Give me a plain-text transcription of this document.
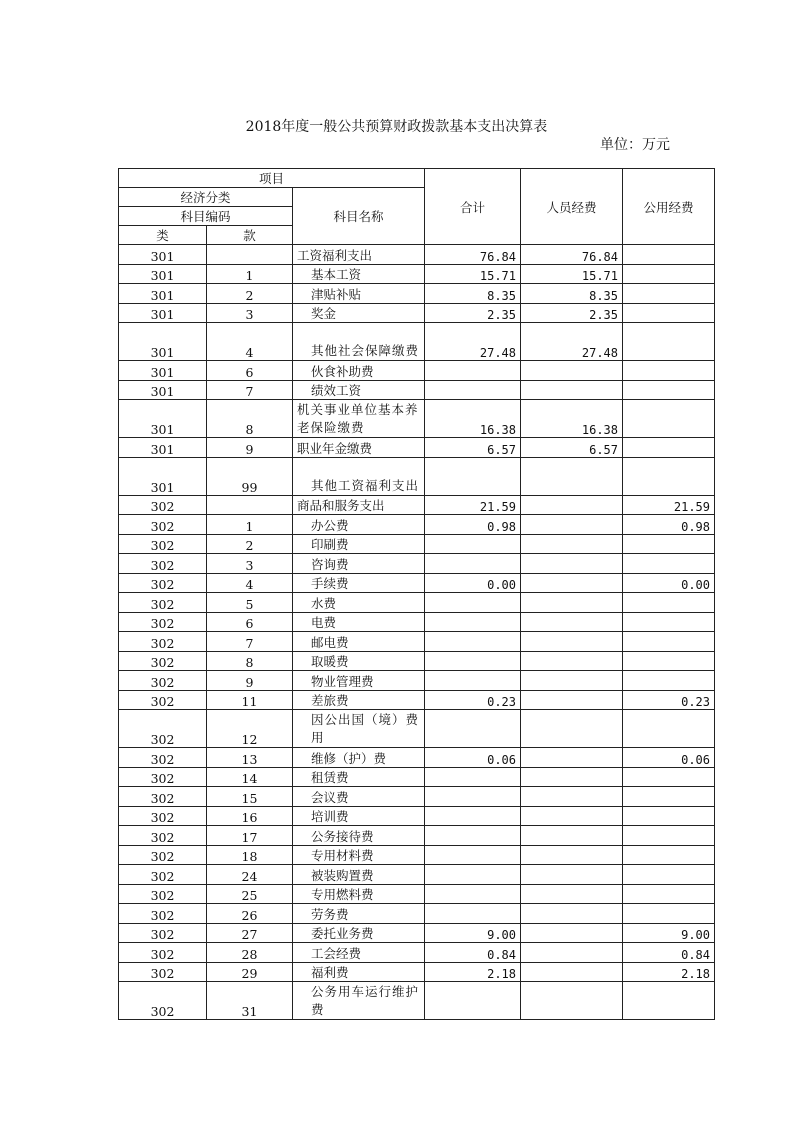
2018年度一般公共预算财政拨款基本支出决算表
单位：万元
项目			合计	人员经费	公用经费
经济分类		科目名称			
科目编码					
类	款				
301		工资福利支出	76.84	76.84	
301	1	基本工资	15.71	15.71	
301	2	津贴补贴	8.35	8.35	
301	3	奖金	2.35	2.35	
301	4	其他社会保障缴费	27.48	27.48	
301	6	伙食补助费			
301	7	绩效工资			
301	8	机关事业单位基本养老保险缴费	16.38	16.38	
301	9	职业年金缴费	6.57	6.57	
301	99	其他工资福利支出			
302		商品和服务支出	21.59		21.59
302	1	办公费	0.98		0.98
302	2	印刷费			
302	3	咨询费			
302	4	手续费	0.00		0.00
302	5	水费			
302	6	电费			
302	7	邮电费			
302	8	取暖费			
302	9	物业管理费			
302	11	差旅费	0.23		0.23
302	12	因公出国（境）费用			
302	13	维修（护）费	0.06		0.06
302	14	租赁费			
302	15	会议费			
302	16	培训费			
302	17	公务接待费			
302	18	专用材料费			
302	24	被装购置费			
302	25	专用燃料费			
302	26	劳务费			
302	27	委托业务费	9.00		9.00
302	28	工会经费	0.84		0.84
302	29	福利费	2.18		2.18
302	31	公务用车运行维护费			
